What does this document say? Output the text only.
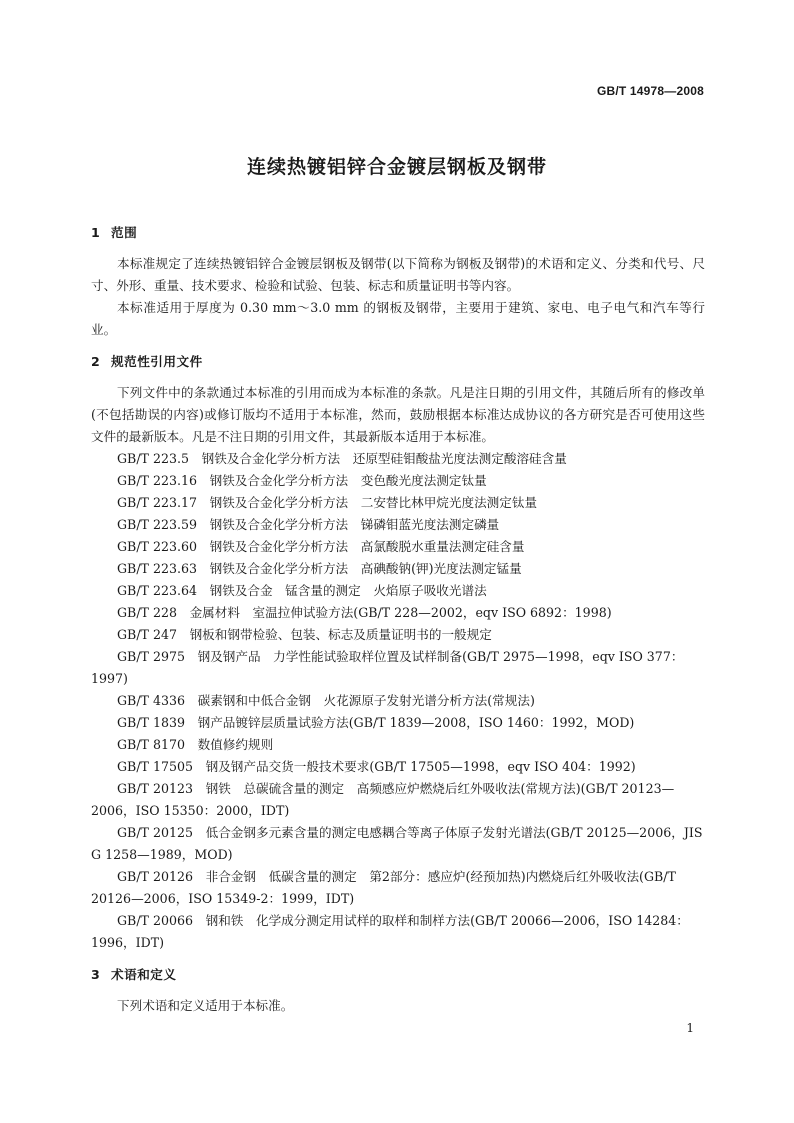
GB/T 14978—2008
连续热镀铝锌合金镀层钢板及钢带
1 范围

本标准规定了连续热镀铝锌合金镀层钢板及钢带(以下简称为钢板及钢带)的术语和定义、分类和代号、尺寸、外形、重量、技术要求、检验和试验、包装、标志和质量证明书等内容。

本标准适用于厚度为 0.30 mm～3.0 mm 的钢板及钢带，主要用于建筑、家电、电子电气和汽车等行业。

2 规范性引用文件

下列文件中的条款通过本标准的引用而成为本标准的条款。凡是注日期的引用文件，其随后所有的修改单(不包括勘误的内容)或修订版均不适用于本标准，然而，鼓励根据本标准达成协议的各方研究是否可使用这些文件的最新版本。凡是不注日期的引用文件，其最新版本适用于本标准。

GB/T 223.5　钢铁及合金化学分析方法　还原型硅钼酸盐光度法测定酸溶硅含量

GB/T 223.16　钢铁及合金化学分析方法　变色酸光度法测定钛量

GB/T 223.17　钢铁及合金化学分析方法　二安替比林甲烷光度法测定钛量

GB/T 223.59　钢铁及合金化学分析方法　锑磷钼蓝光度法测定磷量

GB/T 223.60　钢铁及合金化学分析方法　高氯酸脱水重量法测定硅含量

GB/T 223.63　钢铁及合金化学分析方法　高碘酸钠(钾)光度法测定锰量

GB/T 223.64　钢铁及合金　锰含量的测定　火焰原子吸收光谱法

GB/T 228　金属材料　室温拉伸试验方法(GB/T 228—2002，eqv ISO 6892：1998)

GB/T 247　钢板和钢带检验、包装、标志及质量证明书的一般规定

GB/T 2975　钢及钢产品　力学性能试验取样位置及试样制备(GB/T 2975—1998，eqv ISO 377：1997)

GB/T 4336　碳素钢和中低合金钢　火花源原子发射光谱分析方法(常规法)

GB/T 1839　钢产品镀锌层质量试验方法(GB/T 1839—2008，ISO 1460：1992，MOD)

GB/T 8170　数值修约规则

GB/T 17505　钢及钢产品交货一般技术要求(GB/T 17505—1998，eqv ISO 404：1992)

GB/T 20123　钢铁　总碳硫含量的测定　高频感应炉燃烧后红外吸收法(常规方法)(GB/T 20123—2006，ISO 15350：2000，IDT)

GB/T 20125　低合金钢多元素含量的测定电感耦合等离子体原子发射光谱法(GB/T 20125—2006，JIS G 1258—1989，MOD)

GB/T 20126　非合金钢　低碳含量的测定　第2部分：感应炉(经预加热)内燃烧后红外吸收法(GB/T 20126—2006，ISO 15349-2：1999，IDT)

GB/T 20066　钢和铁　化学成分测定用试样的取样和制样方法(GB/T 20066—2006，ISO 14284：1996，IDT)

3 术语和定义

下列术语和定义适用于本标准。

1
